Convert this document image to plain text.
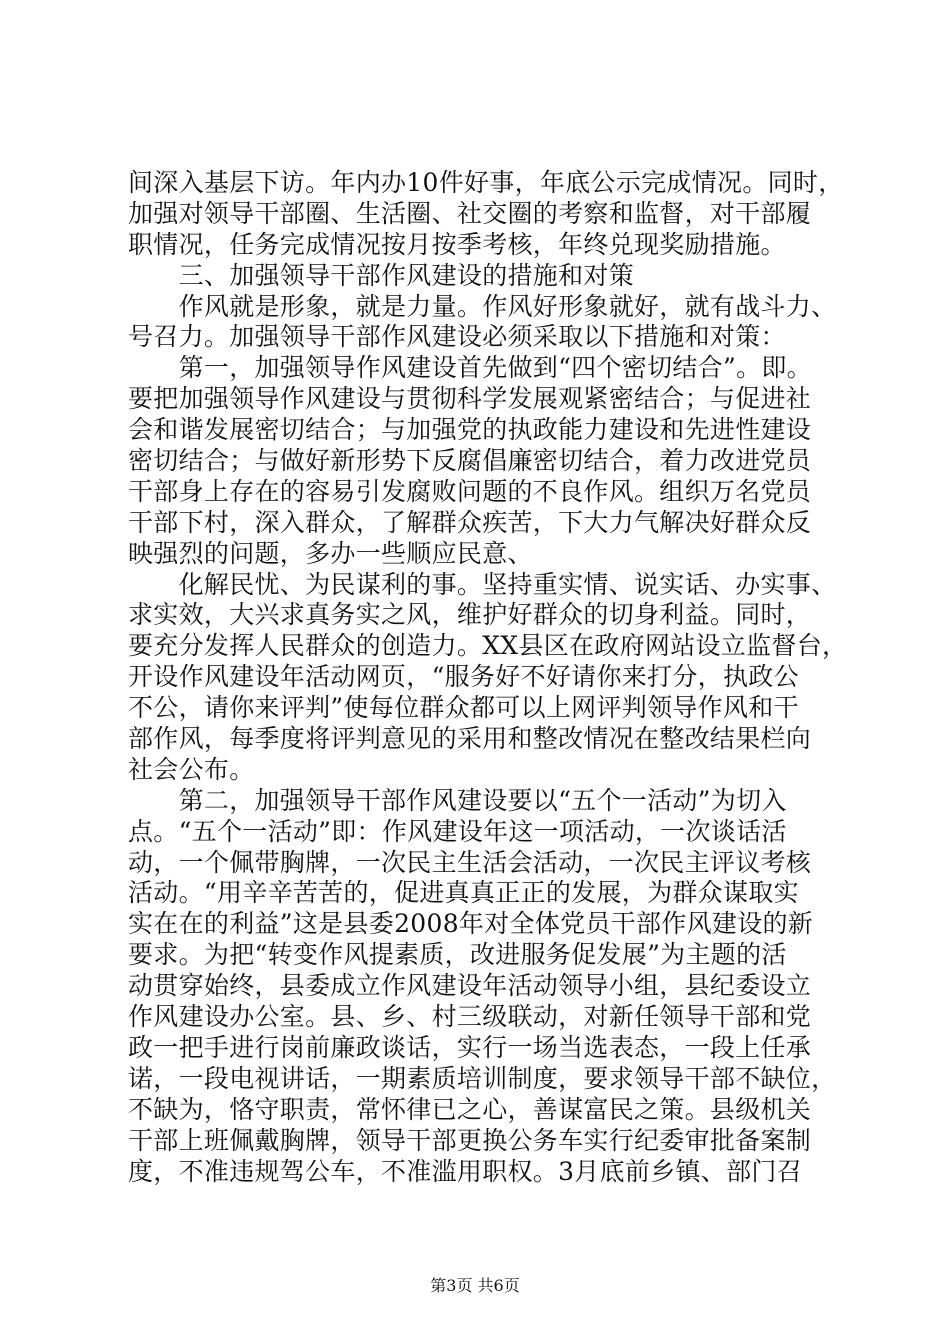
间深入基层下访。年内办10件好事，年底公示完成情况。同时，
加强对领导干部圈、生活圈、社交圈的考察和监督，对干部履
职情况，任务完成情况按月按季考核，年终兑现奖励措施。
　　三、加强领导干部作风建设的措施和对策
　　作风就是形象，就是力量。作风好形象就好，就有战斗力、
号召力。加强领导干部作风建设必须采取以下措施和对策：
　　第一，加强领导作风建设首先做到“四个密切结合”。即。
要把加强领导作风建设与贯彻科学发展观紧密结合；与促进社
会和谐发展密切结合；与加强党的执政能力建设和先进性建设
密切结合；与做好新形势下反腐倡廉密切结合，着力改进党员
干部身上存在的容易引发腐败问题的不良作风。组织万名党员
干部下村，深入群众，了解群众疾苦，下大力气解决好群众反
映强烈的问题，多办一些顺应民意、
　　化解民忧、为民谋利的事。坚持重实情、说实话、办实事、
求实效，大兴求真务实之风，维护好群众的切身利益。同时，
要充分发挥人民群众的创造力。XX县区在政府网站设立监督台，
开设作风建设年活动网页，“服务好不好请你来打分，执政公
不公，请你来评判”使每位群众都可以上网评判领导作风和干
部作风，每季度将评判意见的采用和整改情况在整改结果栏向
社会公布。
　　第二，加强领导干部作风建设要以“五个一活动”为切入
点。“五个一活动”即：作风建设年这一项活动，一次谈话活
动，一个佩带胸牌，一次民主生活会活动，一次民主评议考核
活动。“用辛辛苦苦的，促进真真正正的发展，为群众谋取实
实在在的利益”这是县委2008年对全体党员干部作风建设的新
要求。为把“转变作风提素质，改进服务促发展”为主题的活
动贯穿始终，县委成立作风建设年活动领导小组，县纪委设立
作风建设办公室。县、乡、村三级联动，对新任领导干部和党
政一把手进行岗前廉政谈话，实行一场当选表态，一段上任承
诺，一段电视讲话，一期素质培训制度，要求领导干部不缺位，
不缺为，恪守职责，常怀律已之心，善谋富民之策。县级机关
干部上班佩戴胸牌，领导干部更换公务车实行纪委审批备案制
度，不准违规驾公车，不准滥用职权。3月底前乡镇、部门召
第3页 共6页
